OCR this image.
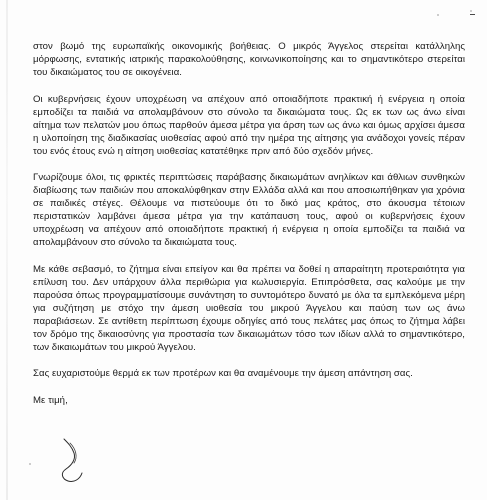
στον βωμό της ευρωπαϊκής οικονομικής βοήθειας. Ο μικρός Άγγελος στερείται κατάλληλης μόρφωσης, εντατικής ιατρικής παρακολούθησης, κοινωνικοποίησης και το σημαντικότερο στερείται του δικαιώματος του σε οικογένεια.

Οι κυβερνήσεις έχουν υποχρέωση να απέχουν από οποιαδήποτε πρακτική ή ενέργεια η οποία εμποδίζει τα παιδιά να απολαμβάνουν στο σύνολο τα δικαιώματα τους. Ως εκ των ως άνω είναι αίτημα των πελατών μου όπως παρθούν άμεσα μέτρα για άρση των ως άνω και όμως αρχίσει άμεσα η υλοποίηση της διαδικασίας υιοθεσίας αφού από την ημέρα της αίτησης για ανάδοχοι γονείς πέραν του ενός έτους ενώ η αίτηση υιοθεσίας κατατέθηκε πριν από δύο σχεδόν μήνες.

Γνωρίζουμε όλοι, τις φρικτές περιπτώσεις παράβασης δικαιωμάτων ανηλίκων και άθλιων συνθηκών διαβίωσης των παιδιών που αποκαλύφθηκαν στην Ελλάδα αλλά και που αποσιωπήθηκαν για χρόνια σε παιδικές στέγες. Θέλουμε να πιστεύουμε ότι το δικό μας κράτος, στο άκουσμα τέτοιων περιστατικών λαμβάνει άμεσα μέτρα για την κατάπαυση τους, αφού οι κυβερνήσεις έχουν υποχρέωση να απέχουν από οποιαδήποτε πρακτική ή ενέργεια η οποία εμποδίζει τα παιδιά να απολαμβάνουν στο σύνολο τα δικαιώματα τους.

Με κάθε σεβασμό, το ζήτημα είναι επείγον και θα πρέπει να δοθεί η απαραίτητη προτεραιότητα για επίλυση του. Δεν υπάρχουν άλλα περιθώρια για κωλυσιεργία. Επιπρόσθετα, σας καλούμε με την παρούσα όπως προγραμματίσουμε συνάντηση το συντομότερο δυνατό με όλα τα εμπλεκόμενα μέρη για συζήτηση με στόχο την άμεση υιοθεσία του μικρού Άγγελου και παύση των ως άνω παραβιάσεων. Σε αντίθετη περίπτωση έχουμε οδηγίες από τους πελάτες μας όπως το ζήτημα λάβει τον δρόμο της δικαιοσύνης για προστασία των δικαιωμάτων τόσο των ιδίων αλλά το σημαντικότερο, των δικαιωμάτων του μικρού Άγγελου.

Σας ευχαριστούμε θερμά εκ των προτέρων και θα αναμένουμε την άμεση απάντηση σας.

Με τιμή,
